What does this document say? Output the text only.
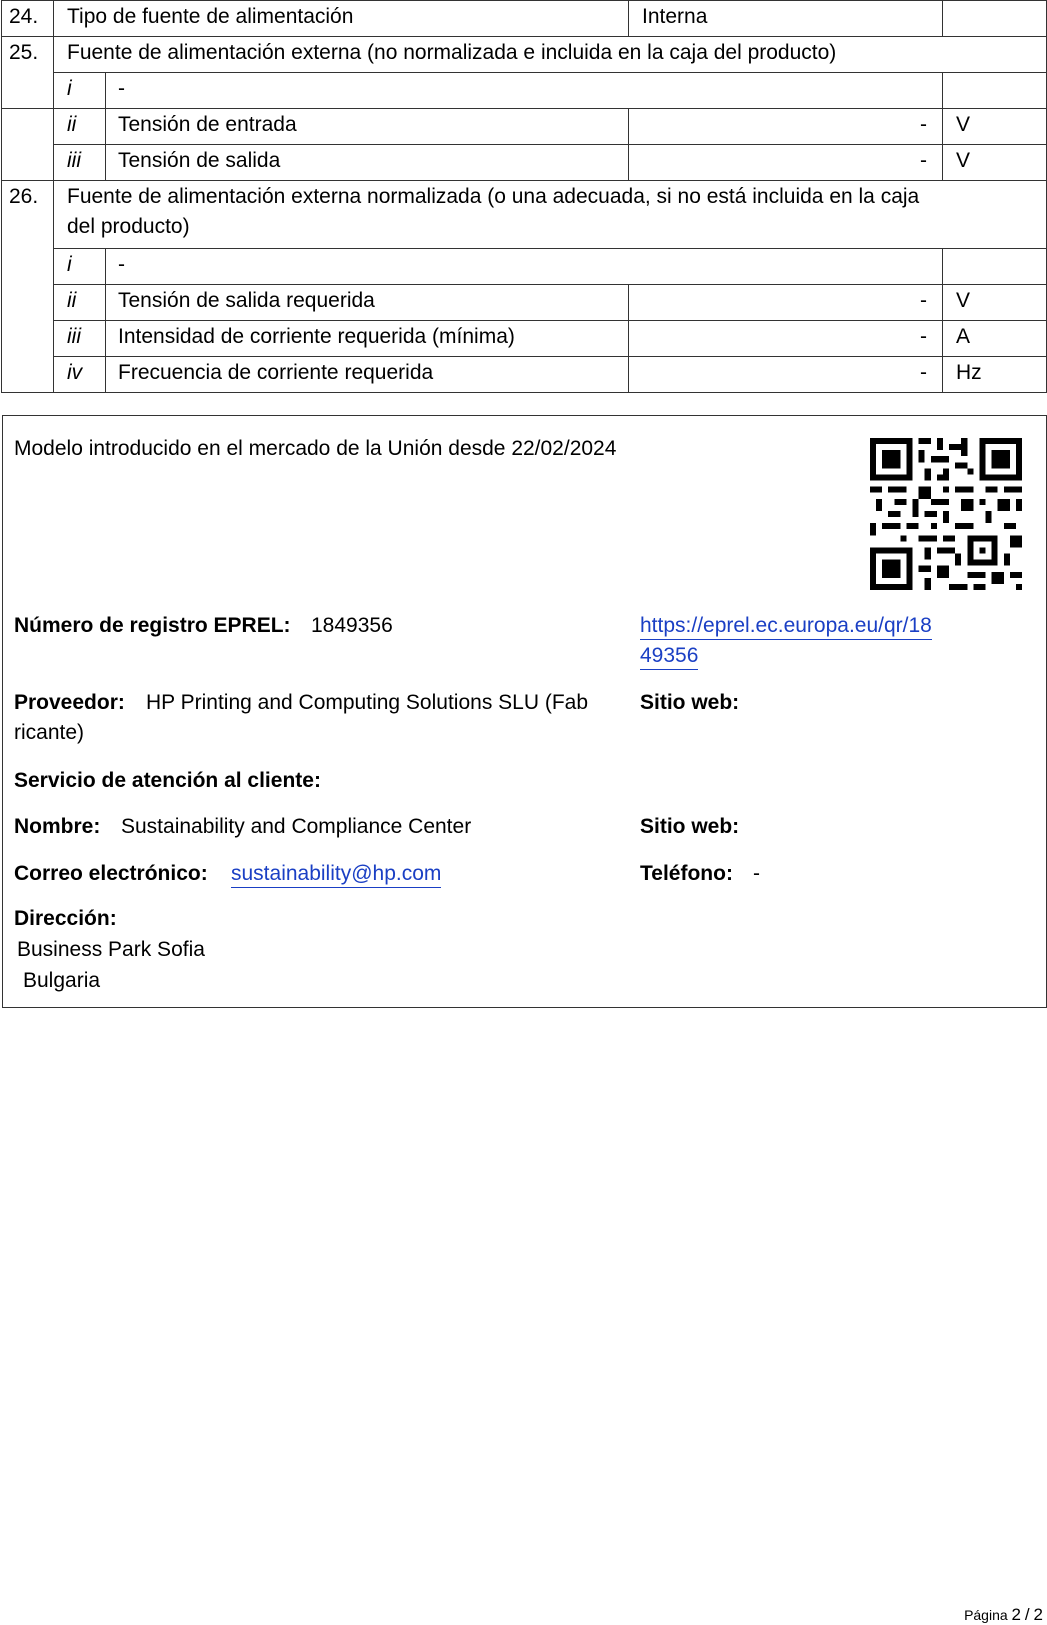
24. Tipo de fuente de alimentación	Interna
25. Fuente de alimentación externa (no normalizada e incluida en la caja del producto)
i -
ii Tensión de entrada	- V
iii Tensión de salida	- V
26. Fuente de alimentación externa normalizada (o una adecuada, si no está incluida en la caja
del producto)
i -
ii Tensión de salida requerida	- V
iii Intensidad de corriente requerida (mínima)	- A
iv Frecuencia de corriente requerida	- Hz
Modelo introducido en el mercado de la Unión desde 22/02/2024
Número de registro EPREL: 1849356	https://eprel.ec.europa.eu/qr/18
49356
Proveedor: HP Printing and Computing Solutions SLU (Fab
ricante)
Sitio web:
Servicio de atención al cliente:
Nombre: Sustainability and Compliance Center	Sitio web:
Correo electrónico: sustainability@hp.com	Teléfono: -
Dirección:
Business Park Sofia
Bulgaria
Página 2 / 2
